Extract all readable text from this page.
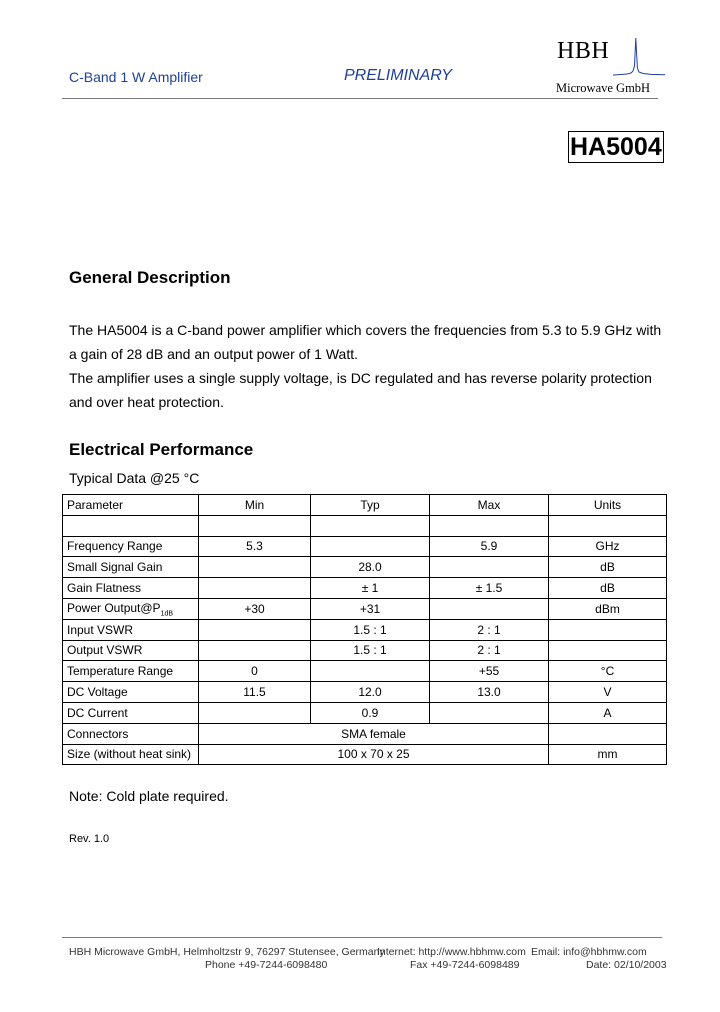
C-Band 1 W Amplifier	PRELIMINARY
HBH
Microwave GmbH
HA5004
General Description

The HA5004 is a C-band power amplifier which covers the frequencies from 5.3 to 5.9 GHz with a gain of 28 dB and an output power of 1 Watt.

The amplifier uses a single supply voltage, is DC regulated and has reverse polarity protection and over heat protection.

Electrical Performance
Typical Data @25 °C
Parameter	Min	Typ	Max	Units

Frequency Range	5.3		5.9	GHz
Small Signal Gain		28.0		dB
Gain Flatness		± 1	± 1.5	dB
Power $Output@P_{1dB}$	+30	+31		dBm
Input VSWR		1.5 : 1	2 : 1	
Output VSWR		1.5 : 1	2 : 1	
Temperature Range	0		+55	°C
DC Voltage	11.5	12.0	13.0	V
DC Current		0.9		A
Connectors	SMA female			
Size (without heat sink)	100 x 70 x 25			mm
Note: Cold plate required.
Rev. 1.0
HBH Microwave GmbH, Helmholtzstr 9, 76297 Stutensee, Germany
Internet: http://www.hbhmw.com Email: info@hbhmw.com
Phone +49-7244-6098480	Fax +49-7244-6098489	Date: 02/10/2003
